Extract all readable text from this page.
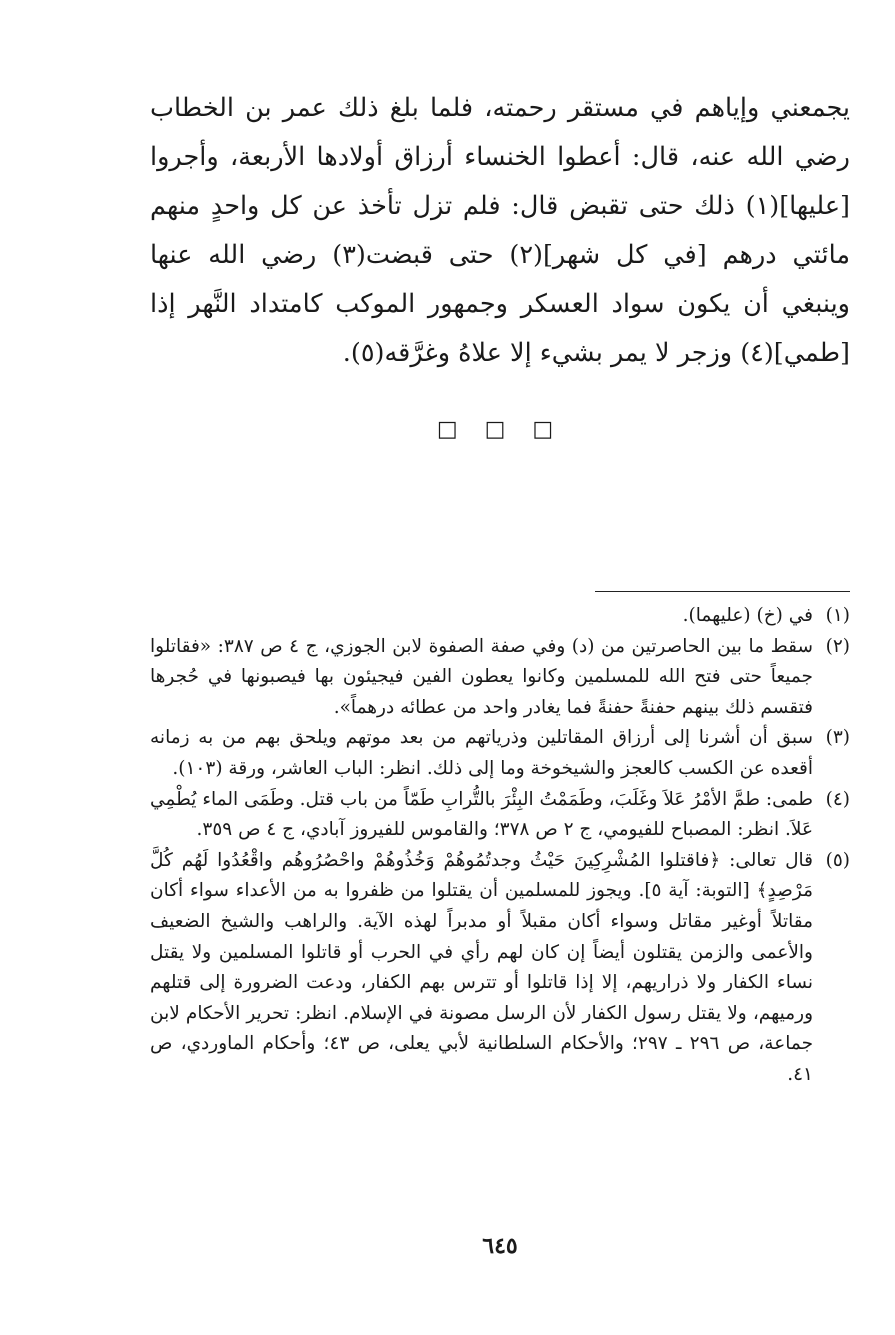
يجمعني وإياهم في مستقر رحمته، فلما بلغ ذلك عمر بن الخطاب رضي الله عنه، قال: أعطوا الخنساء أرزاق أولادها الأربعة، وأجروا [عليها](١) ذلك حتى تقبض قال: فلم تزل تأخذ عن كل واحدٍ منهم مائتي درهم [في كل شهر](٢) حتى قبضت(٣) رضي الله عنها وينبغي أن يكون سواد العسكر وجمهور الموكب كامتداد النَّهر إذا [طمي](٤) وزجر لا يمر بشيء إلا علاهُ وغرَّقه(٥).

□ □ □
(١)
في (خ) (عليهما).
(٢)
سقط ما بين الحاصرتين من (د) وفي صفة الصفوة لابن الجوزي، ج ٤ ص ٣٨٧: «فقاتلوا جميعاً حتى فتح الله للمسلمين وكانوا يعطون الفين فيجيئون بها فيصبونها في حُجرها فتقسم ذلك بينهم حفنةً حفنةً فما يغادر واحد من عطائه درهماً».
(٣)
سبق أن أشرنا إلى أرزاق المقاتلين وذرياتهم من بعد موتهم ويلحق بهم من به زمانه أقعده عن الكسب كالعجز والشيخوخة وما إلى ذلك. انظر: الباب العاشر، ورقة (١٠٣).
(٤)
طمى: طمَّ الأمْرُ عَلاَ وغَلَبَ، وطَمَمْتُ البِئْرَ بالتُّرابِ طَمّاً من باب قتل. وطَمَى الماء يُطْمِي عَلاَ. انظر: المصباح للفيومي، ج ٢ ص ٣٧٨؛ والقاموس للفيروز آبادي، ج ٤ ص ٣٥٩.
(٥)
قال تعالى: ﴿فاقتلوا المُشْرِكِينَ حَيْثُ وجدتُمُوهُمْ وَخُذُوهُمْ واحْصُرُوهُم واقْعُدُوا لَهُم كُلَّ مَرْصِدٍ﴾ [التوبة: آية ٥]. ويجوز للمسلمين أن يقتلوا من ظفروا به من الأعداء سواء أكان مقاتلاً أوغير مقاتل وسواء أكان مقبلاً أو مدبراً لهذه الآية. والراهب والشيخ الضعيف والأعمى والزمن يقتلون أيضاً إن كان لهم رأي في الحرب أو قاتلوا المسلمين ولا يقتل نساء الكفار ولا ذراريهم، إلا إذا قاتلوا أو تترس بهم الكفار، ودعت الضرورة إلى قتلهم ورميهم، ولا يقتل رسول الكفار لأن الرسل مصونة في الإسلام. انظر: تحرير الأحكام لابن جماعة، ص ٢٩٦ ـ ٢٩٧؛ والأحكام السلطانية لأبي يعلى، ص ٤٣؛ وأحكام الماوردي، ص ٤١.
٦٤٥
